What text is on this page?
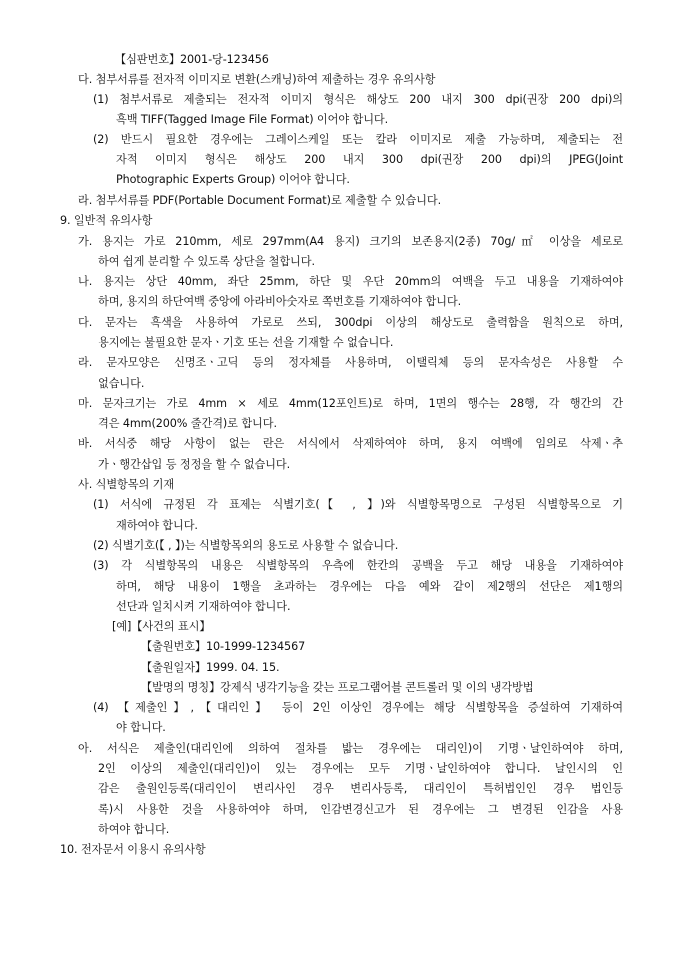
【심판번호】2001-당-123456
다. 첨부서류를 전자적 이미지로 변환(스캐닝)하여 제출하는 경우 유의사항
(1) 첨부서류로 제출되는 전자적 이미지 형식은 해상도 200 내지 300 dpi(권장 200 dpi)의
흑백 TIFF(Tagged Image File Format) 이어야 합니다.
(2) 반드시 필요한 경우에는 그레이스케일 또는 칼라 이미지로 제출 가능하며, 제출되는 전
자적 이미지 형식은 해상도 200 내지 300 dpi(권장 200 dpi)의 JPEG(Joint
Photographic Experts Group) 이어야 합니다.
라. 첨부서류를 PDF(Portable Document Format)로 제출할 수 있습니다.
9. 일반적 유의사항
가. 용지는 가로 210mm, 세로 297mm(A4 용지) 크기의 보존용지(2종) 70g/㎡ 이상을 세로로
하여 쉽게 분리할 수 있도록 상단을 철합니다.
나. 용지는 상단 40mm, 좌단 25mm, 하단 및 우단 20mm의 여백을 두고 내용을 기재하여야
하며, 용지의 하단여백 중앙에 아라비아숫자로 쪽번호를 기재하여야 합니다.
다. 문자는 흑색을 사용하여 가로로 쓰되, 300dpi 이상의 해상도로 출력함을 원칙으로 하며,
용지에는 불필요한 문자ㆍ기호 또는 선을 기재할 수 없습니다.
라. 문자모양은 신명조ㆍ고딕 등의 정자체를 사용하며, 이탤릭체 등의 문자속성은 사용할 수
없습니다.
마. 문자크기는 가로 4mm × 세로 4mm(12포인트)로 하며, 1면의 행수는 28행, 각 행간의 간
격은 4mm(200% 줄간격)로 합니다.
바. 서식중 해당 사항이 없는 란은 서식에서 삭제하여야 하며, 용지 여백에 임의로 삭제ㆍ추
가ㆍ행간삽입 등 정정을 할 수 없습니다.
사. 식별항목의 기재
(1) 서식에 규정된 각 표제는 식별기호(【 , 】)와 식별항목명으로 구성된 식별항목으로 기
재하여야 합니다.
(2) 식별기호(【 , 】)는 식별항목외의 용도로 사용할 수 없습니다.
(3) 각 식별항목의 내용은 식별항목의 우측에 한칸의 공백을 두고 해당 내용을 기재하여야
하며, 해당 내용이 1행을 초과하는 경우에는 다음 예와 같이 제2행의 선단은 제1행의
선단과 일치시켜 기재하여야 합니다.
[예]【사건의 표시】
【출원번호】10-1999-1234567
【출원일자】1999. 04. 15.
【발명의 명칭】강제식 냉각기능을 갖는 프로그램어블 콘트롤러 및 이의 냉각방법
(4) 【제출인】,【대리인】 등이 2인 이상인 경우에는 해당 식별항목을 증설하여 기재하여
야 합니다.
아. 서식은 제출인(대리인에 의하여 절차를 밟는 경우에는 대리인)이 기명ㆍ날인하여야 하며,
2인 이상의 제출인(대리인)이 있는 경우에는 모두 기명ㆍ날인하여야 합니다. 날인시의 인
감은 출원인등록(대리인이 변리사인 경우 변리사등록, 대리인이 특허법인인 경우 법인등
록)시 사용한 것을 사용하여야 하며, 인감변경신고가 된 경우에는 그 변경된 인감을 사용
하여야 합니다.
10. 전자문서 이용시 유의사항
